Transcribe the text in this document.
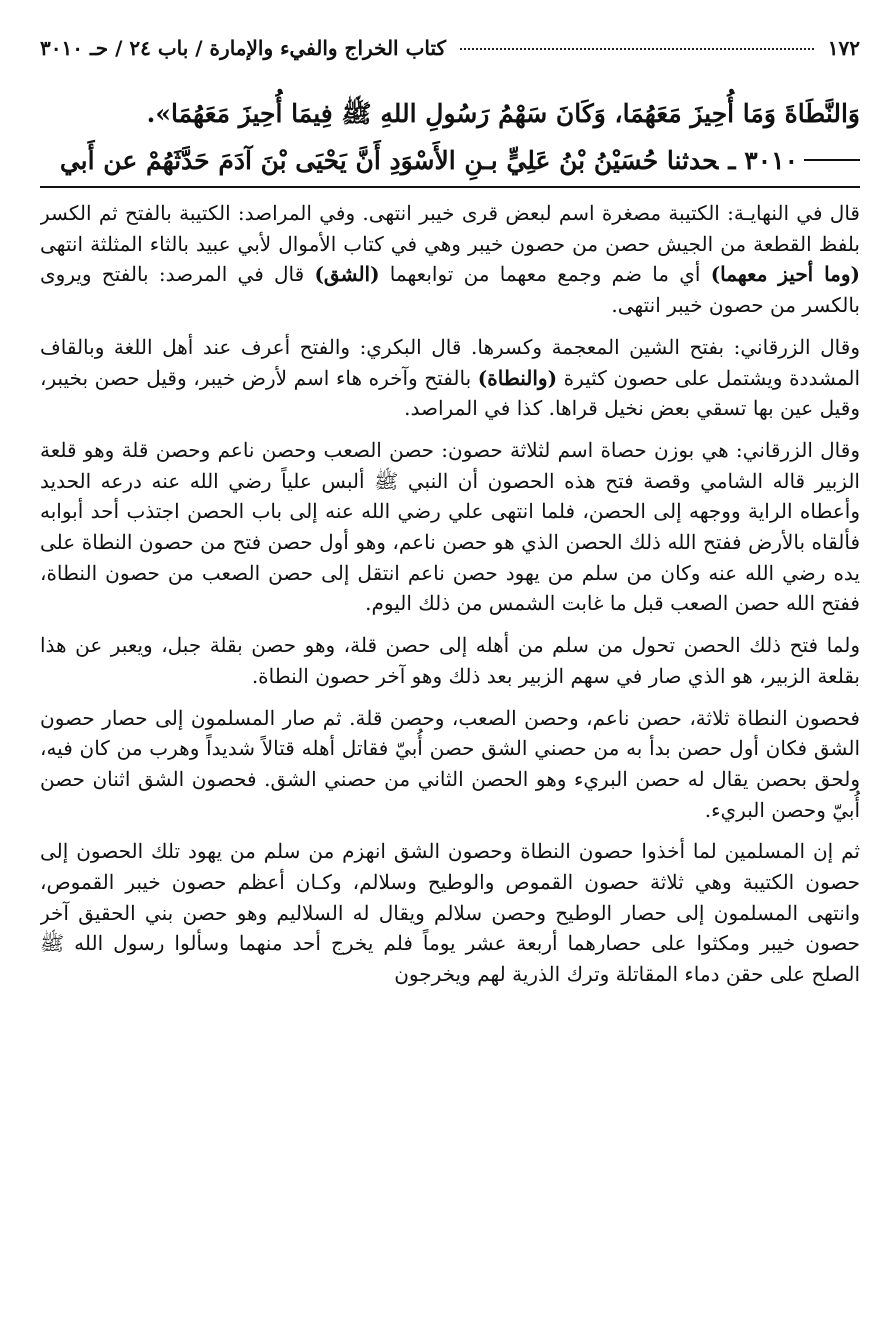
١٧٢
كتاب الخراج والفيء والإمارة / باب ٢٤ / حـ ٣٠١٠

وَالنَّطَاةَ وَمَا أُحِيزَ مَعَهُمَا، وَكَانَ سَهْمُ رَسُولِ اللهِ ﷺ فِيمَا أُحِيزَ مَعَهُمَا».

٣٠١٠ ـحدثنا حُسَيْنُ بْنُ عَلِيٍّ بـنِ الأَسْوَدِ أَنَّ يَحْيَى بْنَ آدَمَ حَدَّثَهُمْ عن أَبي

قال في النهايـة: الكتيبة مصغرة اسم لبعض قرى خيبر انتهى. وفي المراصد: الكتيبة بالفتح ثم الكسر بلفظ القطعة من الجيش حصن من حصون خيبر وهي في كتاب الأموال لأبي عبيد بالثاء المثلثة انتهى (وما أحيز معهما) أي ما ضم وجمع معهما من توابعهما (الشق) قال في المرصد: بالفتح ويروى بالكسر من حصون خيبر انتهى.

وقال الزرقاني: بفتح الشين المعجمة وكسرها. قال البكري: والفتح أعرف عند أهل اللغة وبالقاف المشددة ويشتمل على حصون كثيرة (والنطاة) بالفتح وآخره هاء اسم لأرض خيبر، وقيل حصن بخيبر، وقيل عين بها تسقي بعض نخيل قراها. كذا في المراصد.

وقال الزرقاني: هي بوزن حصاة اسم لثلاثة حصون: حصن الصعب وحصن ناعم وحصن قلة وهو قلعة الزبير قاله الشامي وقصة فتح هذه الحصون أن النبي ﷺ ألبس علياً رضي الله عنه درعه الحديد وأعطاه الراية ووجهه إلى الحصن، فلما انتهى علي رضي الله عنه إلى باب الحصن اجتذب أحد أبوابه فألقاه بالأرض ففتح الله ذلك الحصن الذي هو حصن ناعم، وهو أول حصن فتح من حصون النطاة على يده رضي الله عنه وكان من سلم من يهود حصن ناعم انتقل إلى حصن الصعب من حصون النطاة، ففتح الله حصن الصعب قبل ما غابت الشمس من ذلك اليوم.

ولما فتح ذلك الحصن تحول من سلم من أهله إلى حصن قلة، وهو حصن بقلة جبل، ويعبر عن هذا بقلعة الزبير، هو الذي صار في سهم الزبير بعد ذلك وهو آخر حصون النطاة.

فحصون النطاة ثلاثة، حصن ناعم، وحصن الصعب، وحصن قلة. ثم صار المسلمون إلى حصار حصون الشق فكان أول حصن بدأ به من حصني الشق حصن أُبيّ فقاتل أهله قتالاً شديداً وهرب من كان فيه، ولحق بحصن يقال له حصن البريء وهو الحصن الثاني من حصني الشق. فحصون الشق اثنان حصن أُبيّ وحصن البريء.

ثم إن المسلمين لما أخذوا حصون النطاة وحصون الشق انهزم من سلم من يهود تلك الحصون إلى حصون الكتيبة وهي ثلاثة حصون القموص والوطيح وسلالم، وكـان أعظم حصون خيبر القموص، وانتهى المسلمون إلى حصار الوطيح وحصن سلالم ويقال له السلاليم وهو حصن بني الحقيق آخر حصون خيبر ومكثوا على حصارهما أربعة عشر يوماً فلم يخرج أحد منهما وسألوا رسول الله ﷺ الصلح على حقن دماء المقاتلة وترك الذرية لهم ويخرجون
